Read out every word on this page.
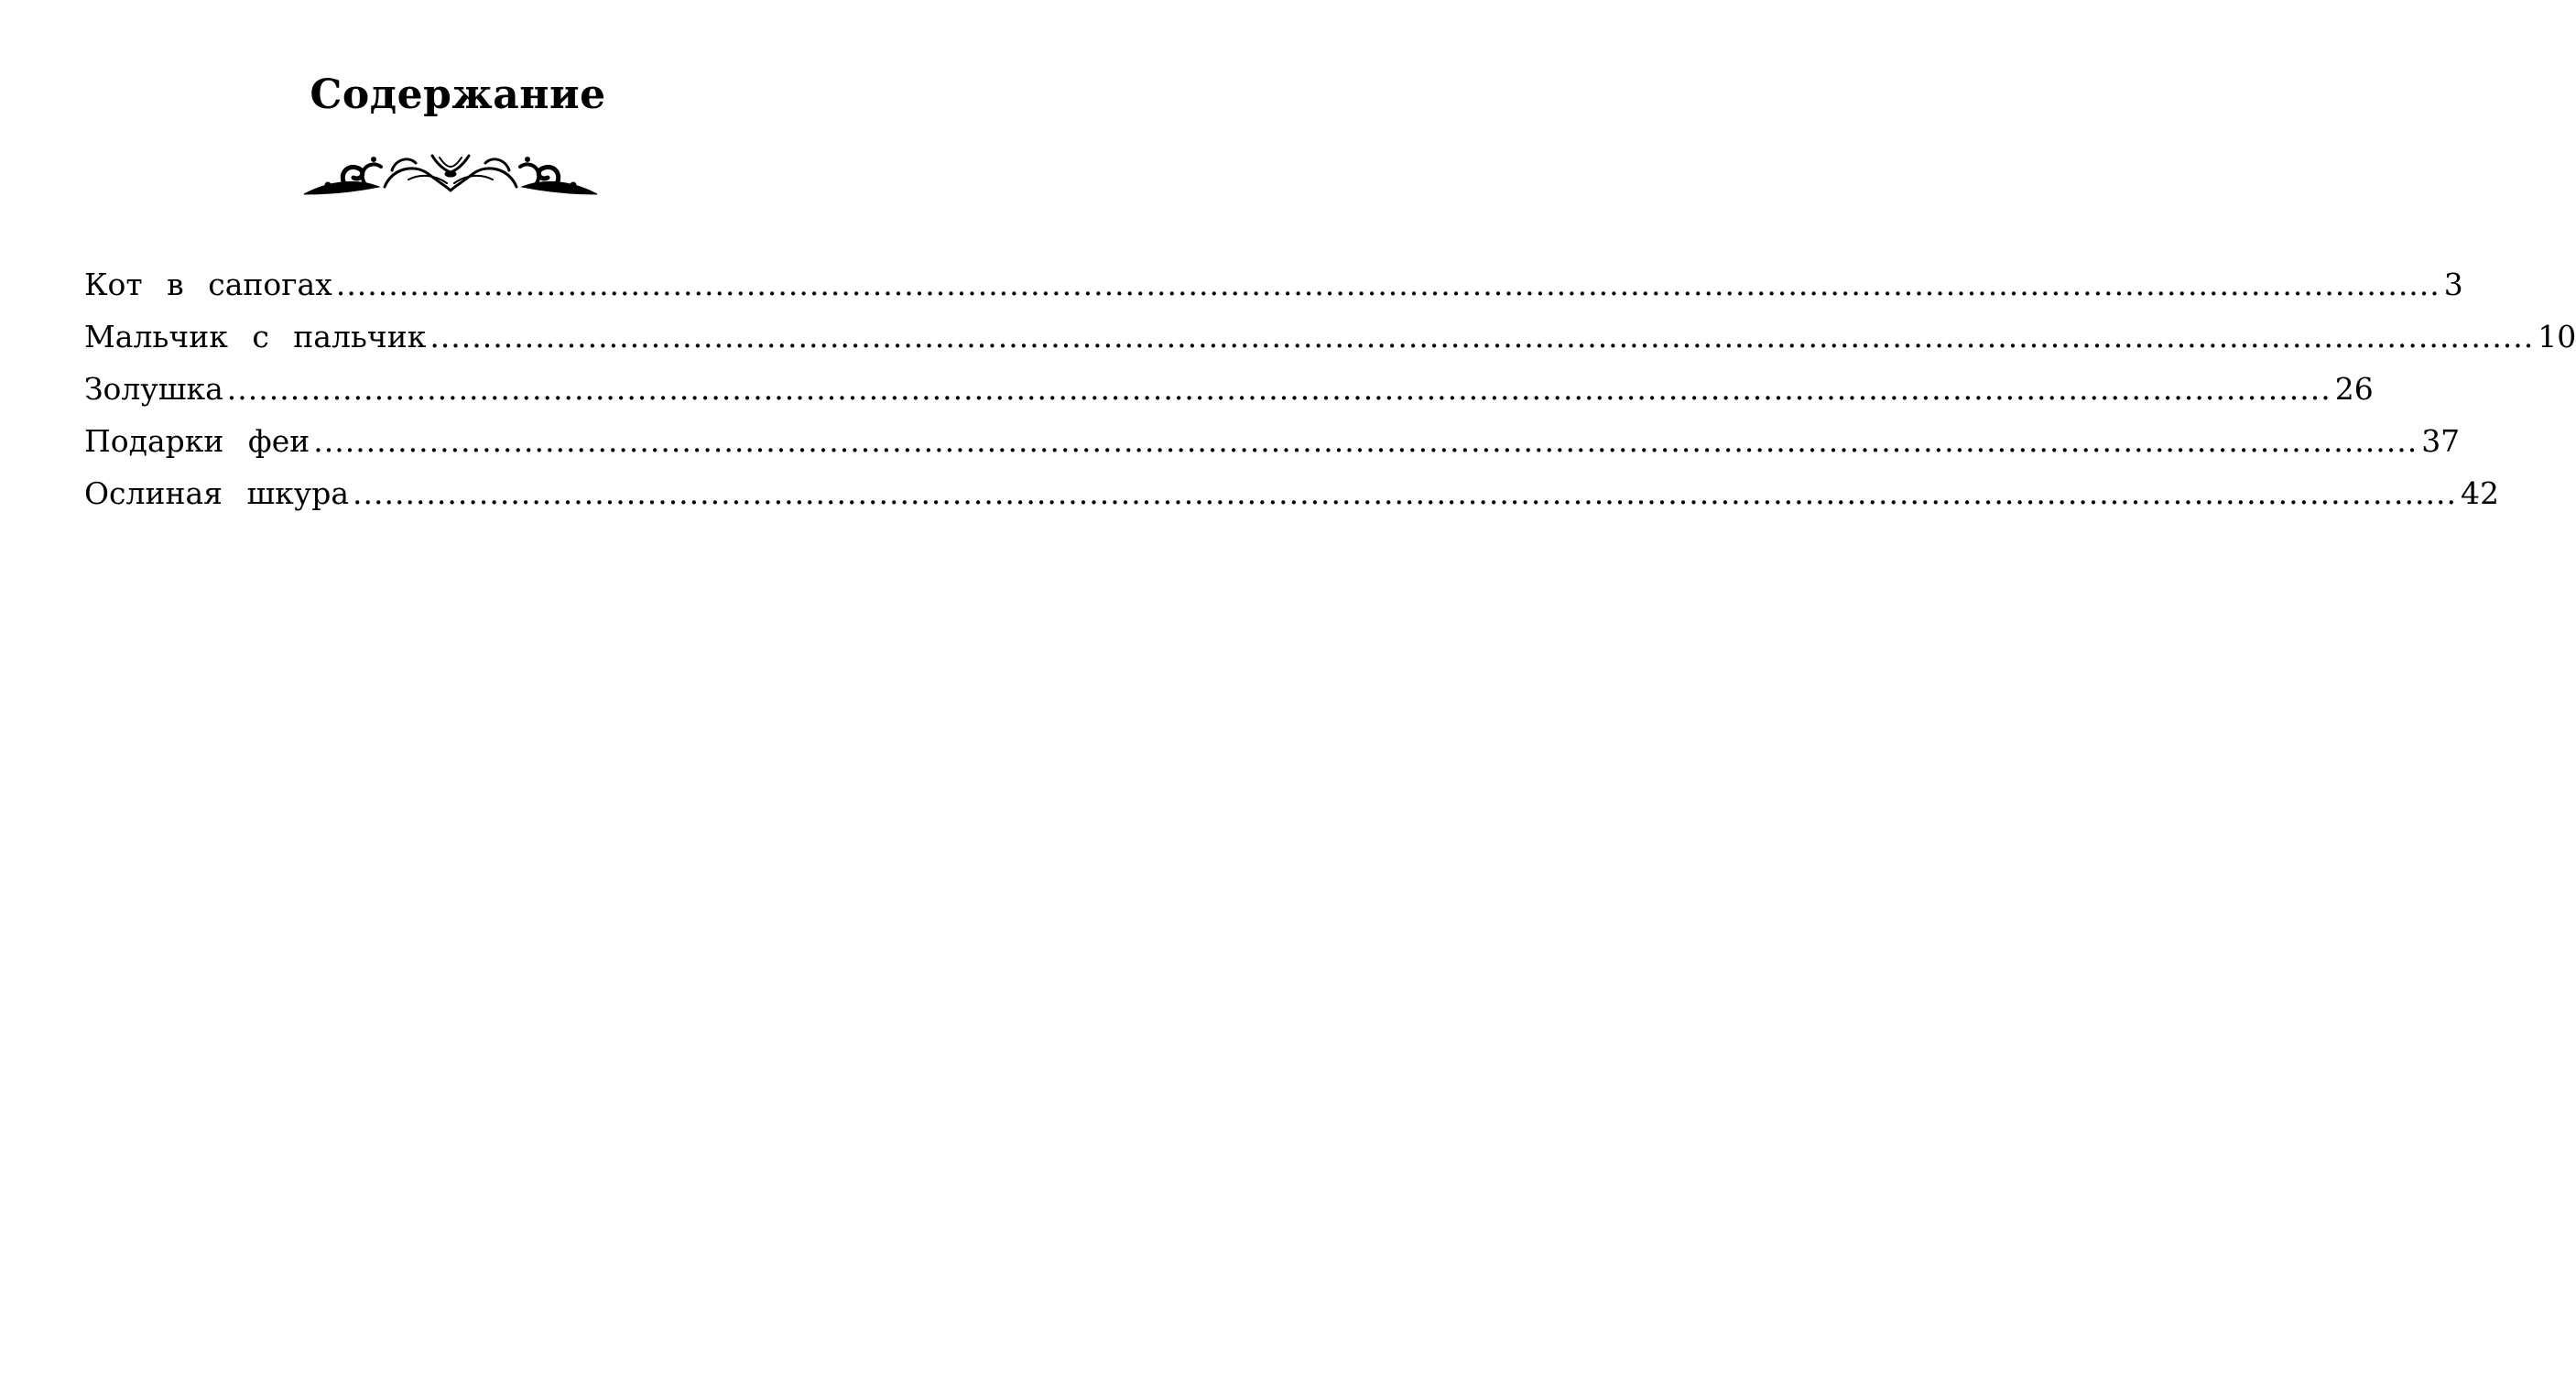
Содержание
Кот в сапогах ........................................................................................................................................................................................................ 3
Мальчик с пальчик ........................................................................................................................................................................................................ 10
Золушка ........................................................................................................................................................................................................ 26
Подарки феи ........................................................................................................................................................................................................ 37
Ослиная шкура ........................................................................................................................................................................................................ 42
